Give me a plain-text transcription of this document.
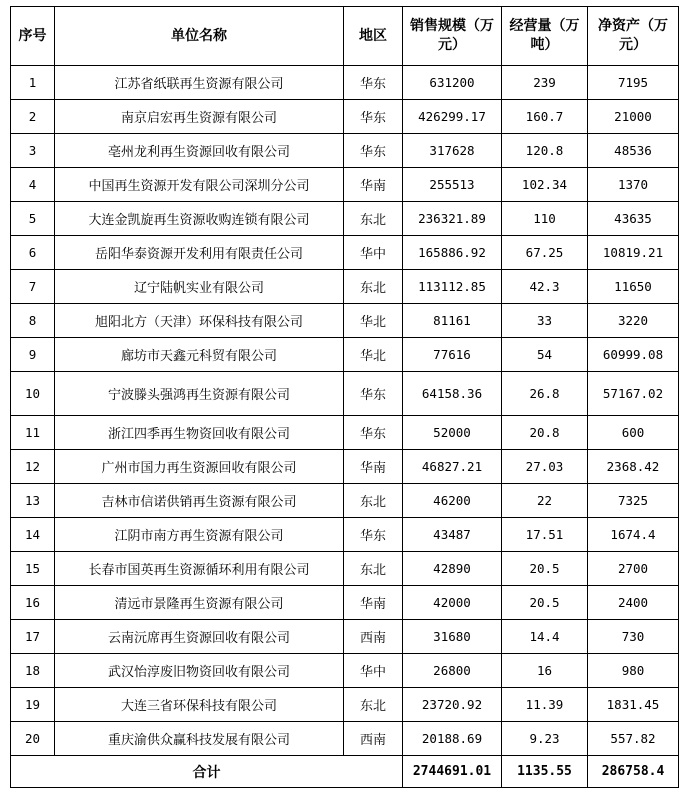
序号	单位名称	地区	销售规模（万元）	经营量（万吨）	净资产（万元）
1	江苏省纸联再生资源有限公司	华东	631200	239	7195
2	南京启宏再生资源有限公司	华东	426299.17	160.7	21000
3	亳州龙利再生资源回收有限公司	华东	317628	120.8	48536
4	中国再生资源开发有限公司深圳分公司	华南	255513	102.34	1370
5	大连金凯旋再生资源收购连锁有限公司	东北	236321.89	110	43635
6	岳阳华泰资源开发利用有限责任公司	华中	165886.92	67.25	10819.21
7	辽宁陆帆实业有限公司	东北	113112.85	42.3	11650
8	旭阳北方（天津）环保科技有限公司	华北	81161	33	3220
9	廊坊市天鑫元科贸有限公司	华北	77616	54	60999.08
10	宁波滕头强鸿再生资源有限公司	华东	64158.36	26.8	57167.02
11	浙江四季再生物资回收有限公司	华东	52000	20.8	600
12	广州市国力再生资源回收有限公司	华南	46827.21	27.03	2368.42
13	吉林市信诺供销再生资源有限公司	东北	46200	22	7325
14	江阴市南方再生资源有限公司	华东	43487	17.51	1674.4
15	长春市国英再生资源循环利用有限公司	东北	42890	20.5	2700
16	清远市景隆再生资源有限公司	华南	42000	20.5	2400
17	云南沅席再生资源回收有限公司	西南	31680	14.4	730
18	武汉怡淳废旧物资回收有限公司	华中	26800	16	980
19	大连三省环保科技有限公司	东北	23720.92	11.39	1831.45
20	重庆渝供众赢科技发展有限公司	西南	20188.69	9.23	557.82
合计			2744691.01	1135.55	286758.4
